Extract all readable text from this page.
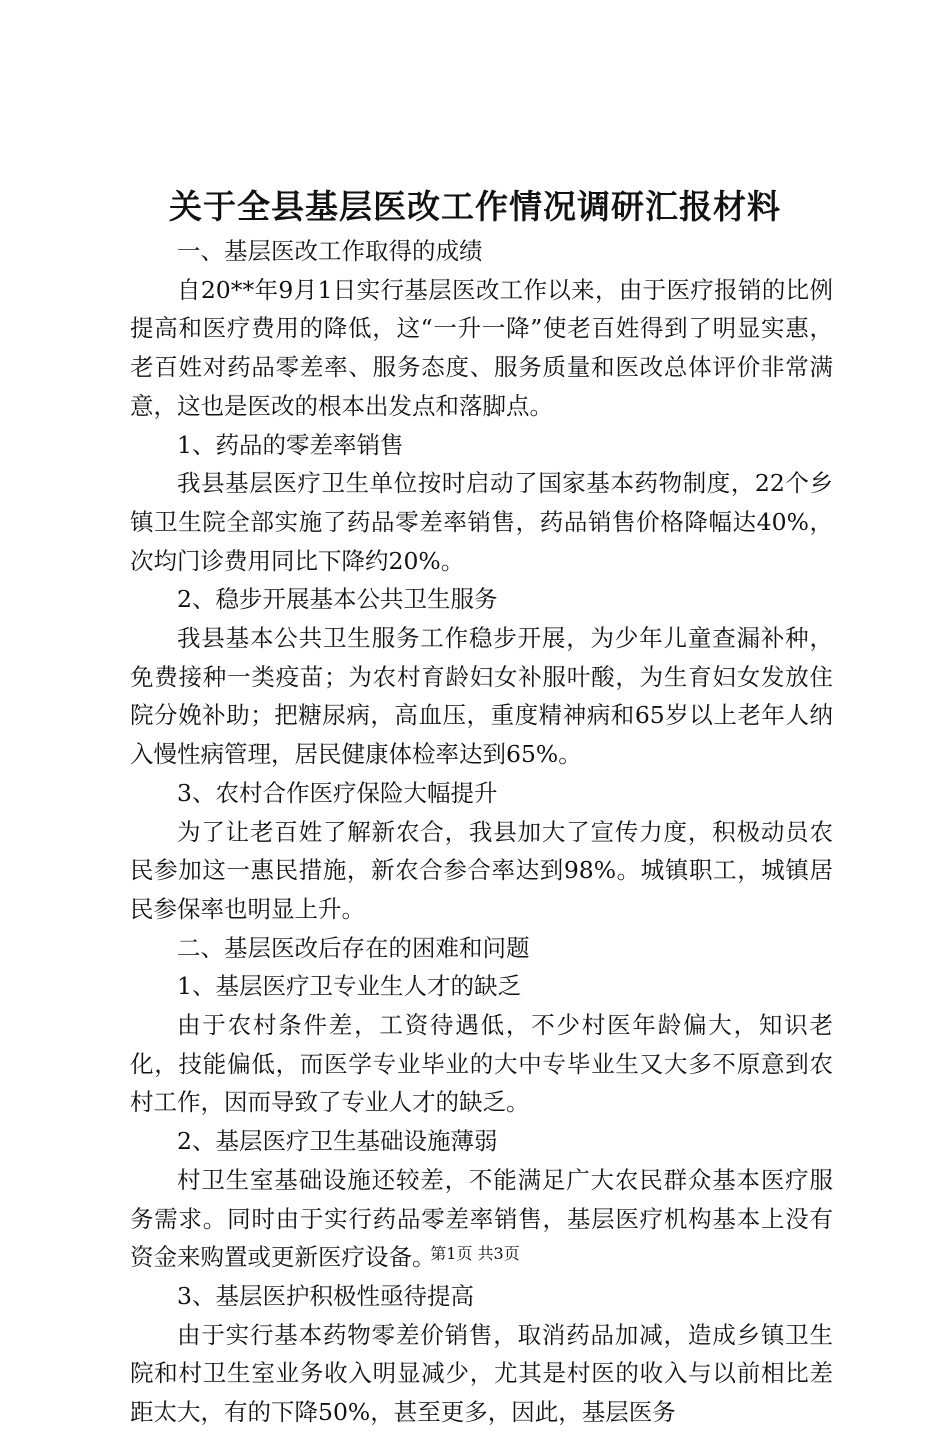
关于全县基层医改工作情况调研汇报材料

一、基层医改工作取得的成绩

自20**年9月1日实行基层医改工作以来，由于医疗报销的比例提高和医疗费用的降低，这“一升一降”使老百姓得到了明显实惠，老百姓对药品零差率、服务态度、服务质量和医改总体评价非常满意，这也是医改的根本出发点和落脚点。

1、药品的零差率销售

我县基层医疗卫生单位按时启动了国家基本药物制度，22个乡镇卫生院全部实施了药品零差率销售，药品销售价格降幅达40%，次均门诊费用同比下降约20%。

2、稳步开展基本公共卫生服务

我县基本公共卫生服务工作稳步开展，为少年儿童查漏补种，免费接种一类疫苗；为农村育龄妇女补服叶酸，为生育妇女发放住院分娩补助；把糖尿病，高血压，重度精神病和65岁以上老年人纳入慢性病管理，居民健康体检率达到65%。

3、农村合作医疗保险大幅提升

为了让老百姓了解新农合，我县加大了宣传力度，积极动员农民参加这一惠民措施，新农合参合率达到98%。城镇职工，城镇居民参保率也明显上升。

二、基层医改后存在的困难和问题

1、基层医疗卫专业生人才的缺乏

由于农村条件差，工资待遇低，不少村医年龄偏大，知识老化，技能偏低，而医学专业毕业的大中专毕业生又大多不原意到农村工作，因而导致了专业人才的缺乏。

2、基层医疗卫生基础设施薄弱

村卫生室基础设施还较差，不能满足广大农民群众基本医疗服务需求。同时由于实行药品零差率销售，基层医疗机构基本上没有资金来购置或更新医疗设备。

3、基层医护积极性亟待提高

由于实行基本药物零差价销售，取消药品加减，造成乡镇卫生院和村卫生室业务收入明显减少，尤其是村医的收入与以前相比差距太大，有的下降50%，甚至更多，因此，基层医务

第1页 共3页
